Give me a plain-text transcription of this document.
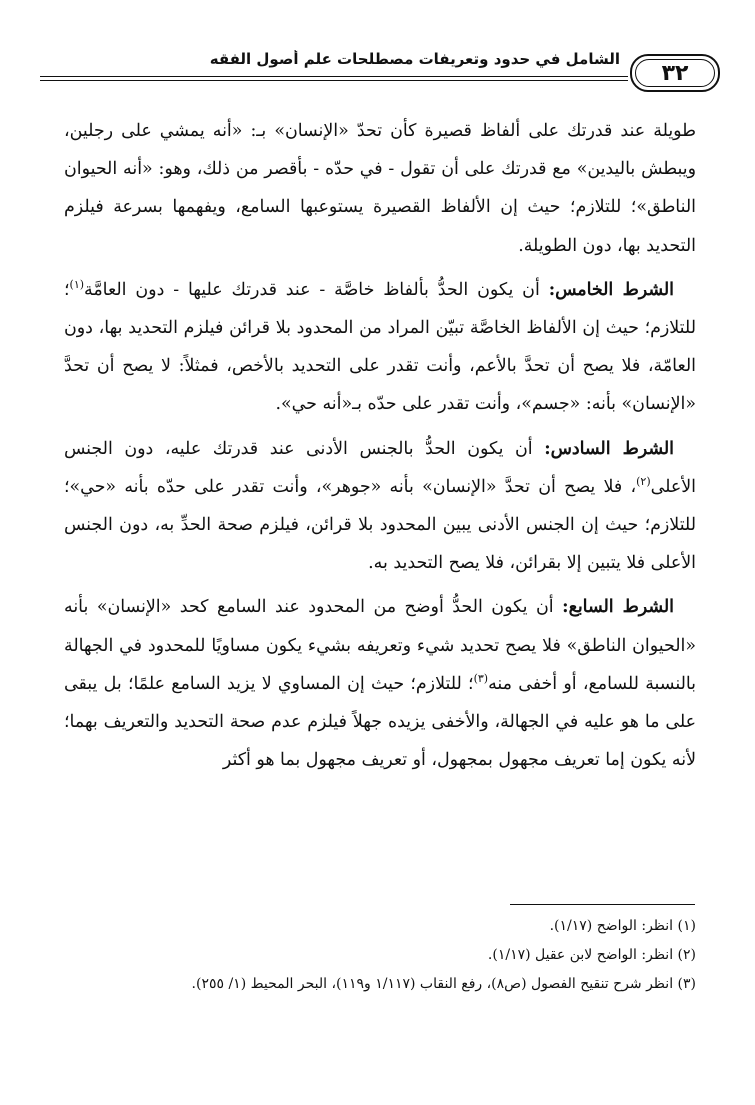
٣٢
الشامل في حدود وتعريفات مصطلحات علم أصول الفقه

طويلة عند قدرتك على ألفاظ قصيرة كأن تحدّ «الإنسان» بـ: «أنه يمشي على رجلين، ويبطش باليدين» مع قدرتك على أن تقول - في حدّه - بأقصر من ذلك، وهو: «أنه الحيوان الناطق»؛ للتلازم؛ حيث إن الألفاظ القصيرة يستوعبها السامع، ويفهمها بسرعة فيلزم التحديد بها، دون الطويلة.

الشرط الخامس: أن يكون الحدُّ بألفاظ خاصَّة - عند قدرتك عليها - دون العامَّة$^{(١)}$؛ للتلازم؛ حيث إن الألفاظ الخاصَّة تبيّن المراد من المحدود بلا قرائن فيلزم التحديد بها، دون العامّة، فلا يصح أن تحدَّ بالأعم، وأنت تقدر على التحديد بالأخص، فمثلاً: لا يصح أن تحدَّ «الإنسان» بأنه: «جسم»، وأنت تقدر على حدّه بـ«أنه حي».

الشرط السادس: أن يكون الحدُّ بالجنس الأدنى عند قدرتك عليه، دون الجنس الأعلى$^{(٢)}$، فلا يصح أن تحدَّ «الإنسان» بأنه «جوهر»، وأنت تقدر على حدّه بأنه «حي»؛ للتلازم؛ حيث إن الجنس الأدنى يبين المحدود بلا قرائن، فيلزم صحة الحدِّ به، دون الجنس الأعلى فلا يتبين إلا بقرائن، فلا يصح التحديد به.

الشرط السابع: أن يكون الحدُّ أوضح من المحدود عند السامع كحد «الإنسان» بأنه «الحيوان الناطق» فلا يصح تحديد شيء وتعريفه بشيء يكون مساويًا للمحدود في الجهالة بالنسبة للسامع، أو أخفى منه$^{(٣)}$؛ للتلازم؛ حيث إن المساوي لا يزيد السامع علمًا؛ بل يبقى على ما هو عليه في الجهالة، والأخفى يزيده جهلاً فيلزم عدم صحة التحديد والتعريف بهما؛ لأنه يكون إما تعريف مجهول بمجهول، أو تعريف مجهول بما هو أكثر

(١) انظر: الواضح (١/١٧).

(٢) انظر: الواضح لابن عقيل (١/١٧).

(٣) انظر شرح تنقيح الفصول (ص٨)، رفع النقاب (١/١١٧ و١١٩)، البحر المحيط (١/ ٢٥٥).
